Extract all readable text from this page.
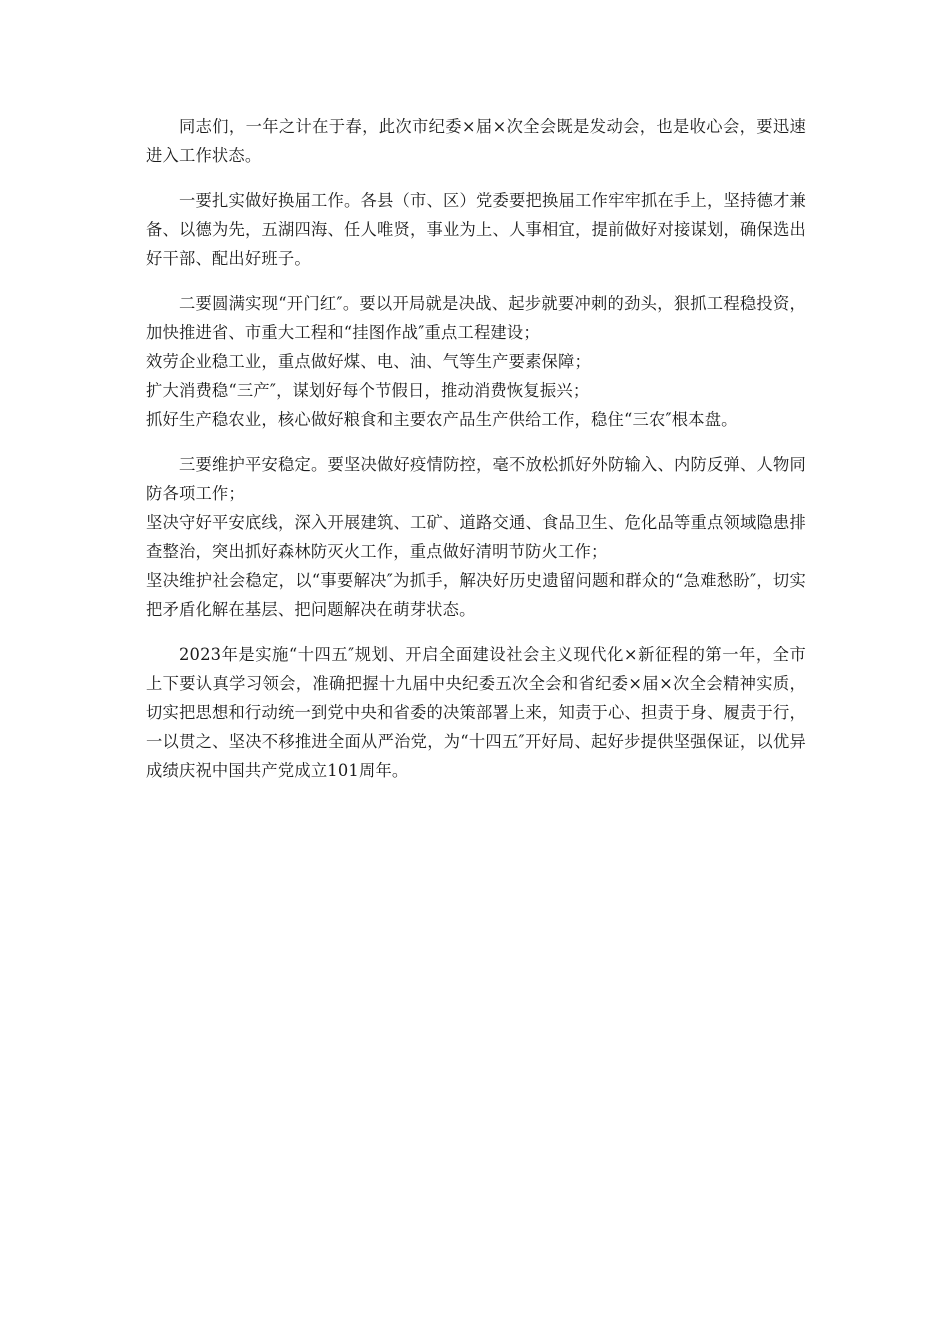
同志们，一年之计在于春，此次市纪委×届×次全会既是发动会，也是收心会，要迅速进入工作状态。
一要扎实做好换届工作。各县（市、区）党委要把换届工作牢牢抓在手上，坚持德才兼备、以德为先，五湖四海、任人唯贤，事业为上、人事相宜，提前做好对接谋划，确保选出好干部、配出好班子。
二要圆满实现“开门红″。要以开局就是决战、起步就要冲刺的劲头，狠抓工程稳投资，加快推进省、市重大工程和“挂图作战″重点工程建设；
效劳企业稳工业，重点做好煤、电、油、气等生产要素保障；
扩大消费稳“三产″，谋划好每个节假日，推动消费恢复振兴；
抓好生产稳农业，核心做好粮食和主要农产品生产供给工作，稳住“三农″根本盘。
三要维护平安稳定。要坚决做好疫情防控，毫不放松抓好外防输入、内防反弹、人物同防各项工作；
坚决守好平安底线，深入开展建筑、工矿、道路交通、食品卫生、危化品等重点领域隐患排查整治，突出抓好森林防灭火工作，重点做好清明节防火工作；
坚决维护社会稳定，以“事要解决″为抓手，解决好历史遗留问题和群众的“急难愁盼″，切实把矛盾化解在基层、把问题解决在萌芽状态。
2023年是实施“十四五″规划、开启全面建设社会主义现代化×新征程的第一年，全市上下要认真学习领会，准确把握十九届中央纪委五次全会和省纪委×届×次全会精神实质，切实把思想和行动统一到党中央和省委的决策部署上来，知责于心、担责于身、履责于行，一以贯之、坚决不移推进全面从严治党，为“十四五″开好局、起好步提供坚强保证，以优异成绩庆祝中国共产党成立101周年。
